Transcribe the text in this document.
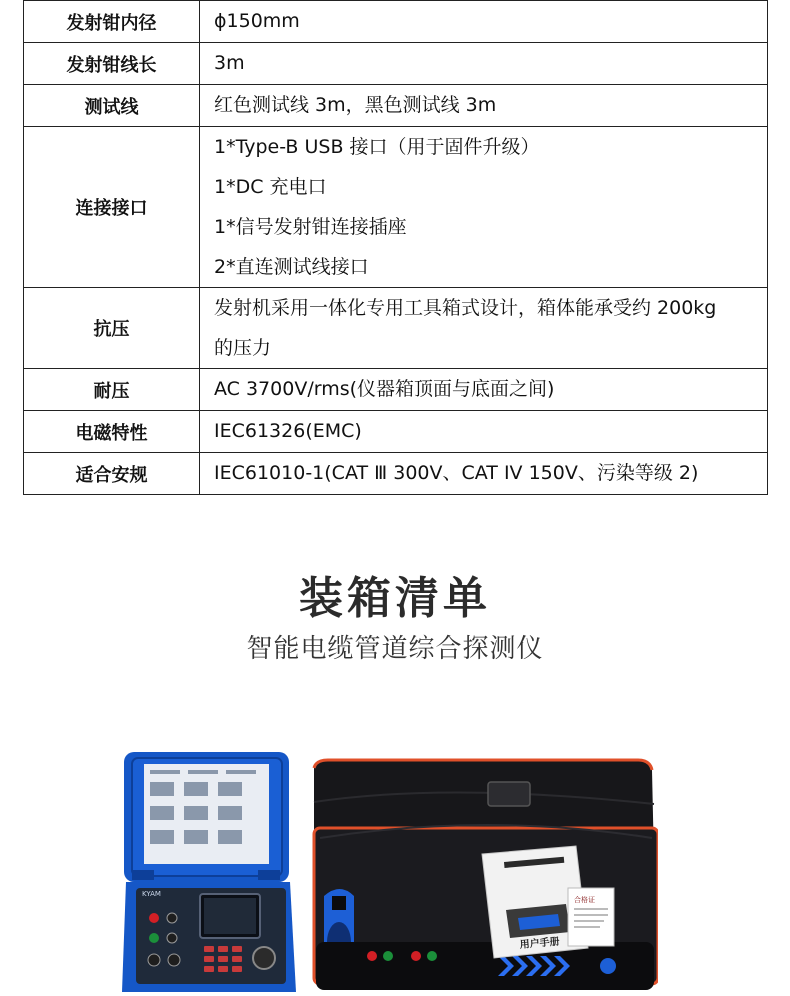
发射钳内径	ϕ150mm

发射钳线长	3m

测试线	红色测试线 3m，黑色测试线 3m

连接接口	1*Type-B USB 接口（用于固件升级）
1*DC 充电口
1*信号发射钳连接插座
2*直连测试线接口

抗压	发射机采用一体化专用工具箱式设计，箱体能承受约 200kg
的压力

耐压	AC 3700V/rms(仪器箱顶面与底面之间)

电磁特性	IEC61326(EMC)

适合安规	IEC61010-1(CAT Ⅲ 300V、CAT IV 150V、污染等级 2)
装箱清单
智能电缆管道综合探测仪
KYAM
用户手册
合格证
